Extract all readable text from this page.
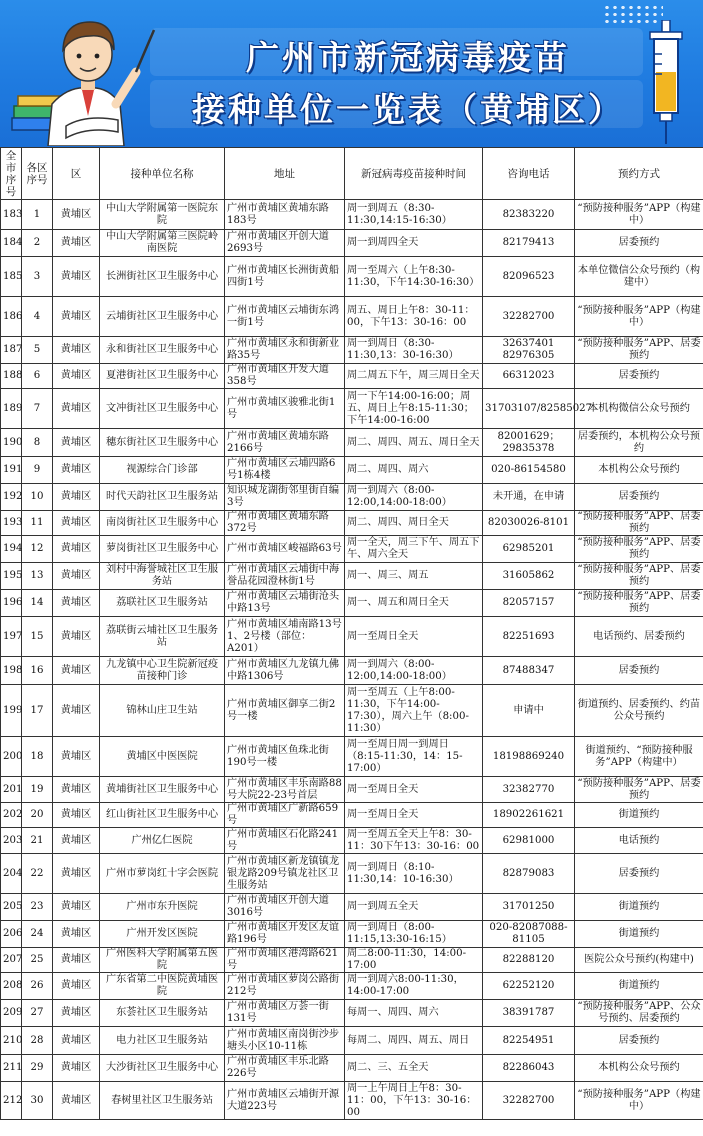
广州市新冠病毒疫苗
接种单位一览表（黄埔区）
全市序号	各区序号	区	接种单位名称	地址	新冠病毒疫苗接种时间	咨询电话	预约方式
183	1	黄埔区	中山大学附属第一医院东院	广州市黄埔区黄埔东路183号	周一到周五（8:30-11:30,14:15-16:30）	82383220	“预防接种服务”APP（构建中）
184	2	黄埔区	中山大学附属第三医院岭南医院	广州市黄埔区开创大道2693号	周一到周四全天	82179413	居委预约
185	3	黄埔区	长洲街社区卫生服务中心	广州市黄埔区长洲街黄船四街1号	周一至周六（上午8:30-11:30，下午14:30-16:30）	82096523	本单位微信公众号预约（构建中）
186	4	黄埔区	云埔街社区卫生服务中心	广州市黄埔区云埔街东鸿一街1号	周五、周日上午8：30-11：00，下午13：30-16：00	32282700	“预防接种服务”APP（构建中）
187	5	黄埔区	永和街社区卫生服务中心	广州市黄埔区永和街新业路35号	周一到周日（8:30-11:30,13：30-16:30）	32637401 82976305	“预防接种服务”APP、居委预约
188	6	黄埔区	夏港街社区卫生服务中心	广州市黄埔区开发大道358号	周二周五下午，周三周日全天	66312023	居委预约
189	7	黄埔区	文冲街社区卫生服务中心	广州市黄埔区骏雅北街1号	周一下午14:00-16:00；周五、周日上午8:15-11:30；下午14:00-16:00	31703107/82585027	本机构微信公众号预约
190	8	黄埔区	穗东街社区卫生服务中心	广州市黄埔区黄埔东路2166号	周二、周四、周五、周日全天	82001629；29835378	居委预约，本机构公众号预约
191	9	黄埔区	视源综合门诊部	广州市黄埔区云埔四路6号1栋4楼	周二、周四、周六	020-86154580	本机构公众号预约
192	10	黄埔区	时代天韵社区卫生服务站	知识城龙湖街邻里街自编3号	周一到周六（8:00-12:00,14:00-18:00）	未开通，在申请	居委预约
193	11	黄埔区	南岗街社区卫生服务中心	广州市黄埔区黄埔东路372号	周二、周四、周日全天	82030026-8101	“预防接种服务”APP、居委预约
194	12	黄埔区	萝岗街社区卫生服务中心	广州市黄埔区峻福路63号	周一全天，周三下午、周五下午、周六全天	62985201	“预防接种服务”APP、居委预约
195	13	黄埔区	刘村中海誉城社区卫生服务站	广州市黄埔区云埔街中海誉品花园澄林街1号	周一、周三、周五	31605862	“预防接种服务”APP、居委预约
196	14	黄埔区	荔联社区卫生服务站	广州市黄埔区云埔街沧头中路13号	周一、周五和周日全天	82057157	“预防接种服务”APP、居委预约
197	15	黄埔区	荔联街云埔社区卫生服务站	广州市黄埔区埔南路13号1、2号楼（部位：A201）	周一至周日全天	82251693	电话预约、居委预约
198	16	黄埔区	九龙镇中心卫生院新冠疫苗接种门诊	广州市黄埔区九龙镇九佛中路1306号	周一到周六（8:00-12:00,14:00-18:00）	87488347	居委预约
199	17	黄埔区	锦林山庄卫生站	广州市黄埔区御享二街2号一楼	周一至周五（上午8:00-11:30，下午14:00-17:30），周六上午（8:00-11:30）	申请中	街道预约、居委预约、约苗公众号预约
200	18	黄埔区	黄埔区中医医院	广州市黄埔区鱼珠北街190号一楼	周一至周日周一到周日（8:15-11:30，14：15-17:00）	18198869240	街道预约、“预防接种服务”APP（构建中）
201	19	黄埔区	黄埔街社区卫生服务中心	广州市黄埔区丰乐南路88号大院22-23号首层	周一至周日全天	32382770	“预防接种服务”APP、居委预约
202	20	黄埔区	红山街社区卫生服务中心	广州市黄埔区广新路659号	周一至周日全天	18902261621	街道预约
203	21	黄埔区	广州亿仁医院	广州市黄埔区石化路241号	周一至周五全天上午8：30-11：30下午13：30-16：00	62981000	电话预约
204	22	黄埔区	广州市萝岗红十字会医院	广州市黄埔区新龙镇镇龙银龙路209号镇龙社区卫生服务站	周一到周日（8:10-11:30,14：10-16:30）	82879083	居委预约
205	23	黄埔区	广州市东升医院	广州市黄埔区开创大道3016号	周一到周五全天	31701250	街道预约
206	24	黄埔区	广州开发区医院	广州市黄埔区开发区友谊路196号	周一到周日（8:00-11:15,13:30-16:15）	020-82087088-81105	街道预约
207	25	黄埔区	广州医科大学附属第五医院	广州市黄埔区港湾路621号	周二8:00-11:30，14:00-17:00	82288120	医院公众号预约(构建中)
208	26	黄埔区	广东省第二中医院黄埔医院	广州市黄埔区萝岗公路街212号	周一到周六8:00-11:30，14:00-17:00	62252120	街道预约
209	27	黄埔区	东荟社区卫生服务站	广州市黄埔区万荟一街131号	每周一、周四、周六	38391787	“预防接种服务”APP、公众号预约、居委预约
210	28	黄埔区	电力社区卫生服务站	广州市黄埔区南岗街沙步塘头小区10-11栋	每周二、周四、周五、周日	82254951	居委预约
211	29	黄埔区	大沙街社区卫生服务中心	广州市黄埔区丰乐北路226号	周二、三、五全天	82286043	本机构公众号预约
212	30	黄埔区	春树里社区卫生服务站	广州市黄埔区云埔街开源大道223号	周一上午周日上午8：30-11：00，下午13：30-16：00	32282700	“预防接种服务”APP（构建中）
